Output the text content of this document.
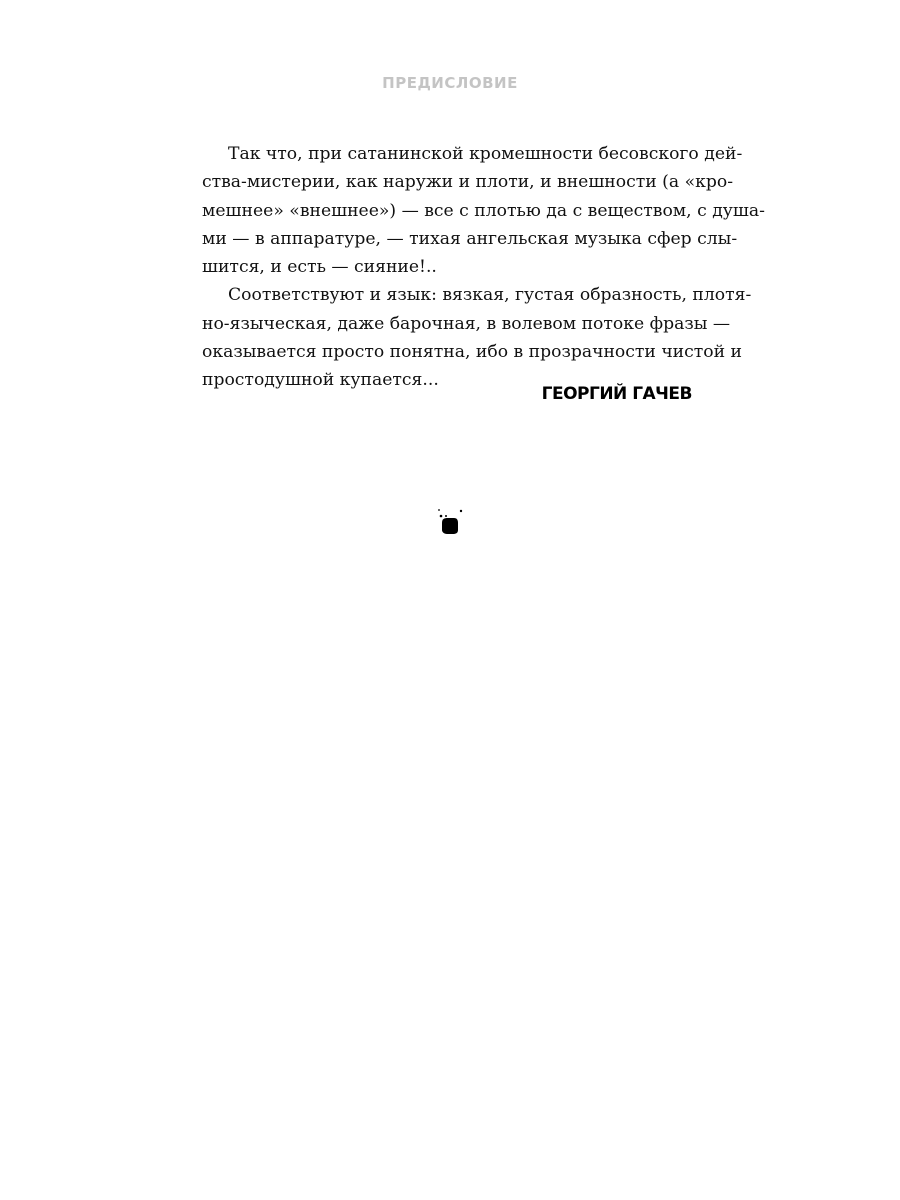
ПРЕДИСЛОВИЕ
Так что, при сатанинской кромешности бесовского дей-
ства-мистерии, как наружи и плоти, и внешности (а «кро-
мешнее» «внешнее») — все с плотью да с веществом, с душа-
ми — в аппаратуре, — тихая ангельская музыка сфер слы-
шится, и есть — сияние!..
Соответствуют и язык: вязкая, густая образность, плотя-
но-языческая, даже барочная, в волевом потоке фразы —
оказывается просто понятна, ибо в прозрачности чистой и
простодушной купается...
ГЕОРГИЙ ГАЧЕВ
